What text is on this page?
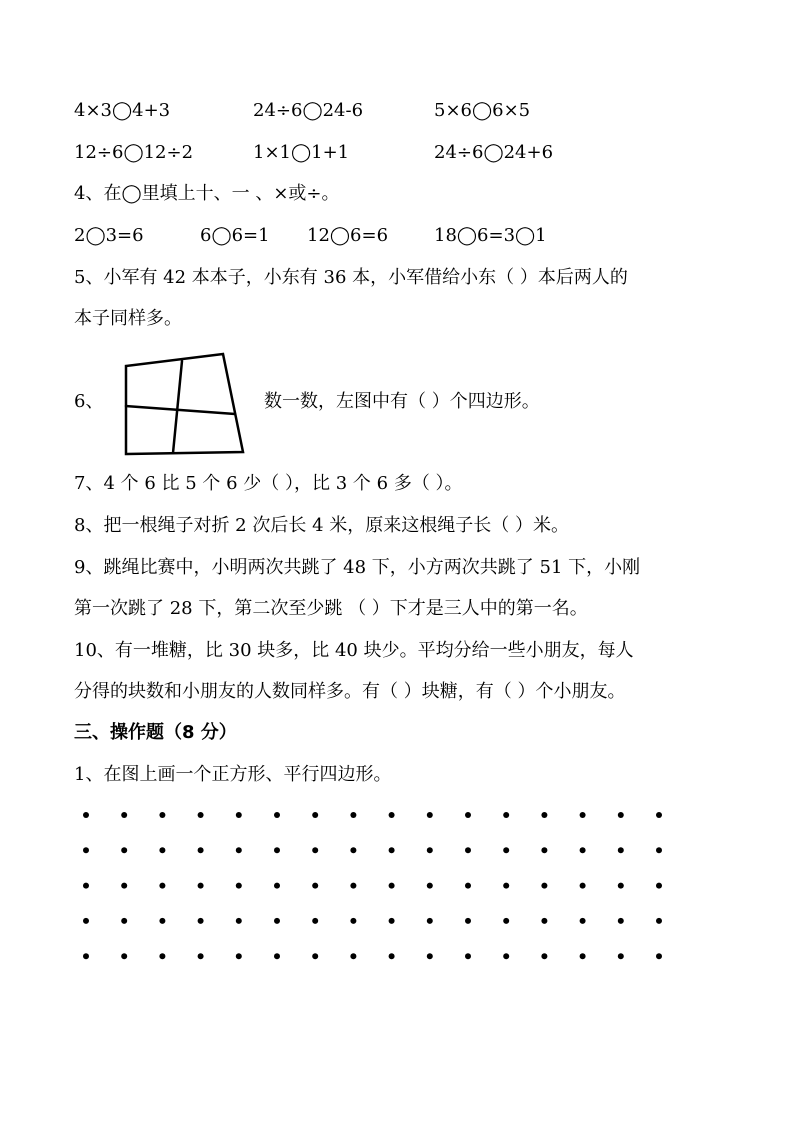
4×3◯4+3	24÷6◯24-6	5×6◯6×5
12÷6◯12÷2	1×1◯1+1	24÷6◯24+6
4、在◯里填上十、一 、×或÷。
2◯3=6	6◯6=1 12◯6=6	18◯6=3◯1
5、小军有 42 本本子，小东有 36 本，小军借给小东（ ）本后两人的
本子同样多。
6、	数一数，左图中有（ ）个四边形。
7、4 个 6 比 5 个 6 少（ ），比 3 个 6 多（ ）。
8、把一根绳子对折 2 次后长 4 米，原来这根绳子长（ ）米。
9、跳绳比赛中，小明两次共跳了 48 下，小方两次共跳了 51 下，小刚
第一次跳了 28 下，第二次至少跳 （ ）下才是三人中的第一名。
10、有一堆糖，比 30 块多，比 40 块少。平均分给一些小朋友，每人
分得的块数和小朋友的人数同样多。有（ ）块糖，有（ ）个小朋友。
三、操作题（8 分）
1、在图上画一个正方形、平行四边形。
